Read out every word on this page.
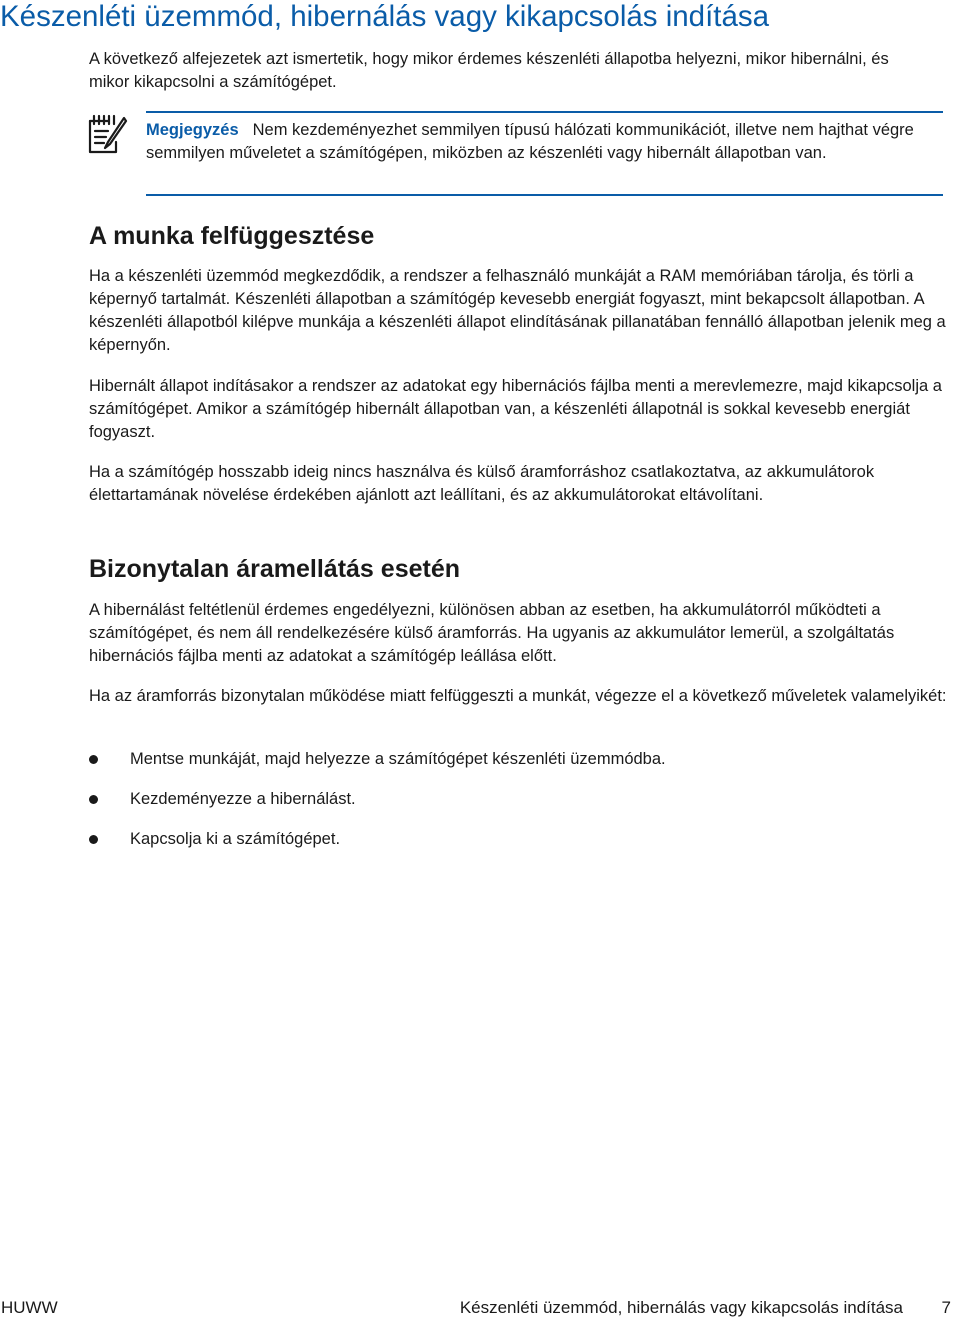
Készenléti üzemmód, hibernálás vagy kikapcsolás indítása

A következő alfejezetek azt ismertetik, hogy mikor érdemes készenléti állapotba helyezni, mikor hibernálni, és mikor kikapcsolni a számítógépet.

Megjegyzés Nem kezdeményezhet semmilyen típusú hálózati kommunikációt, illetve nem hajthat végre semmilyen műveletet a számítógépen, miközben az készenléti vagy hibernált állapotban van.

A munka felfüggesztése

Ha a készenléti üzemmód megkezdődik, a rendszer a felhasználó munkáját a RAM memóriában tárolja, és törli a képernyő tartalmát. Készenléti állapotban a számítógép kevesebb energiát fogyaszt, mint bekapcsolt állapotban. A készenléti állapotból kilépve munkája a készenléti állapot elindításának pillanatában fennálló állapotban jelenik meg a képernyőn.

Hibernált állapot indításakor a rendszer az adatokat egy hibernációs fájlba menti a merevlemezre, majd kikapcsolja a számítógépet. Amikor a számítógép hibernált állapotban van, a készenléti állapotnál is sokkal kevesebb energiát fogyaszt.

Ha a számítógép hosszabb ideig nincs használva és külső áramforráshoz csatlakoztatva, az akkumulátorok élettartamának növelése érdekében ajánlott azt leállítani, és az akkumulátorokat eltávolítani.

Bizonytalan áramellátás esetén

A hibernálást feltétlenül érdemes engedélyezni, különösen abban az esetben, ha akkumulátorról működteti a számítógépet, és nem áll rendelkezésére külső áramforrás. Ha ugyanis az akkumulátor lemerül, a szolgáltatás hibernációs fájlba menti az adatokat a számítógép leállása előtt.

Ha az áramforrás bizonytalan működése miatt felfüggeszti a munkát, végezze el a következő műveletek valamelyikét:

Mentse munkáját, majd helyezze a számítógépet készenléti üzemmódba.
Kezdeményezze a hibernálást.
Kapcsolja ki a számítógépet.
HUWW	Készenléti üzemmód, hibernálás vagy kikapcsolás indítása 7
